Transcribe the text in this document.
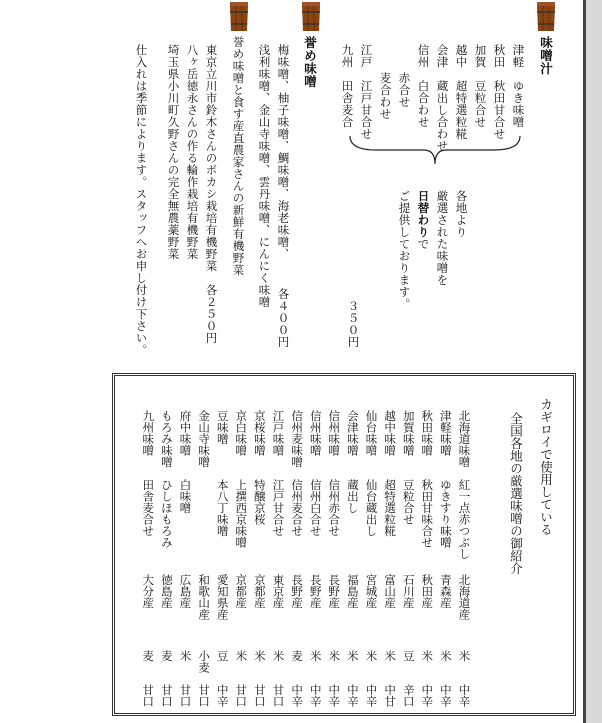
味噌汁
津軽　ゆき味噌
秋田　秋田甘合せ
加賀　豆粒合せ
越中　超特選粒糀
会津　蔵出し合わせ
信州　白合わせ
赤合せ
麦合わせ
江戸　江戸甘合せ
九州　田舎麦合
各地より
厳選された味噌を
日替わりで
ご提供しております。
３５０円
誉め味噌
梅味噌、柚子味噌、鯛味噌、海老味噌、
浅利味噌、金山寺味噌、雲丹味噌、にんにく味噌
各４００円
誉め味噌と食す産直農家さんの新鮮有機野菜
東京立川市鈴木さんのボカシ栽培有機野菜　各２５０円
八ヶ岳徳永さんの作る輪作栽培有機野菜
埼玉県小川町久野さんの完全無農薬野菜
仕入れは季節によります。スタッフへお申し付け下さい。
カギロイで使用している
全国各地の厳選味噌の御紹介
北海道味噌
紅一点赤つぶし
北海道産
米
中辛
津軽味噌
ゆきすり味噌
青森産
米
中辛
秋田味噌
秋田甘味合せ
秋田産
米
中辛
加賀味噌
豆粒合せ
石川産
豆
辛口
越中味噌
超特選粒糀
富山産
米
中甘
仙台味噌
仙台蔵出し
宮城産
米
中辛
会津味噌
蔵出し
福島産
米
中辛
信州味噌
信州赤合せ
長野産
米
中辛
信州味噌
信州白合せ
長野産
米
中辛
信州麦味噌
信州麦合せ
長野産
麦
中辛
江戸味噌
江戸甘合せ
東京産
米
甘口
京桜味噌
特醸京桜
京都産
米
甘口
京白味噌
上撰西京味噌
京都産
米
甘口
豆味噌
本八丁味噌
愛知県産
豆
中辛
金山寺味噌
和歌山産
小麦
甘口
府中味噌
白味噌
広島産
米
甘口
もろみ味噌
ひしほもろみ
徳島産
麦
甘口
九州味噌
田舎麦合せ
大分産
麦
甘口
